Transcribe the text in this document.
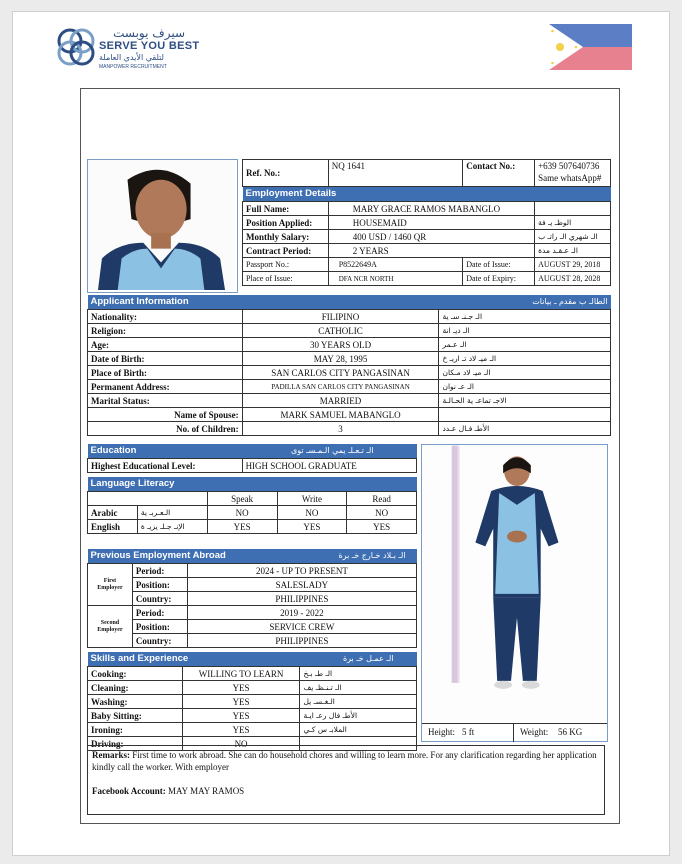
سيرف يوبست
SERVE YOU BEST
لتلقي الأيدي العاملة
MANPOWER RECRUITMENT
Ref. No.:	NQ 1641	Contact No.:	+639 507640736
Same whatsApp#

Employment Details			
Full Name:	MARY GRACE RAMOS MABANGLO		
Position Applied:	HOUSEMAID		الوظـ يـ فة
Monthly Salary:	400 USD / 1460 QR		الـ شهري الـ راتـ ب
Contract Period:	2 YEARS		الـ عـقـد مدة
Passport No.:	P8522649A	Date of Issue:	AUGUST 29, 2018
Place of Issue:	DFA NCR NORTH	Date of Expiry:	AUGUST 28, 2028
Applicant Information الطالـ ب مقدم ـ بيانات		

Nationality:	FILIPINO	الـ جـنـ سـ ية
Religion:	CATHOLIC	الـ ديـ انة
Age:	30 YEARS OLD	الـ عـمر
Date of Birth:	MAY 28, 1995	الـ ميـ لاد تـ اريـ خ
Place of Birth:	SAN CARLOS CITY PANGASINAN	الـ ميـ لاد مـكان
Permanent Address:	PADILLA SAN CARLOS CITY PANGASINAN	الـ عـ نوان
Marital Status:	MARRIED	الاجـ تماعـ ية الحـالـة
Name of Spouse:	MARK SAMUEL MABANGLO	
No. of Children:	3	الأطـ فـال عـدد
Education	الـ تـعـلـ يمي الـمـسـ توى

Highest Educational Level:	HIGH SCHOOL GRADUATE
Language Literacy				
		Speak	Write	Read
Arabic	الـعـربـ ية	NO	NO	NO
English	الإنـ جـلـ يزيـ ة	YES	YES	YES
Previous Employment Abroad الـ بـلاد خـارج خـ برة		

First Employer	Period:	2024 - UP TO PRESENT
	Position:	SALESLADY
	Country:	PHILIPPINES
Second Employer	Period:	2019 - 2022
	Position:	SERVICE CREW
	Country:	PHILIPPINES
Skills and Experience الـ عمـل خـ برة		

Cooking:	WILLING TO LEARN	الـ طـ بـخ
Cleaning:	YES	الـ تـنـظـ يف
Washing:	YES	الـغـسـ يل
Baby Sitting:	YES	الأطـ فال رعـ ايـة
Ironing:	YES	الملابـ س كـي
Driving:	NO	
Height: 5 ft	Weight: 56 KG
Remarks: First time to work abroad. She can do household chores and willing to learn more. For any clarification regarding her application kindly call the worker. With employer
Facebook Account: MAY MAY RAMOS
